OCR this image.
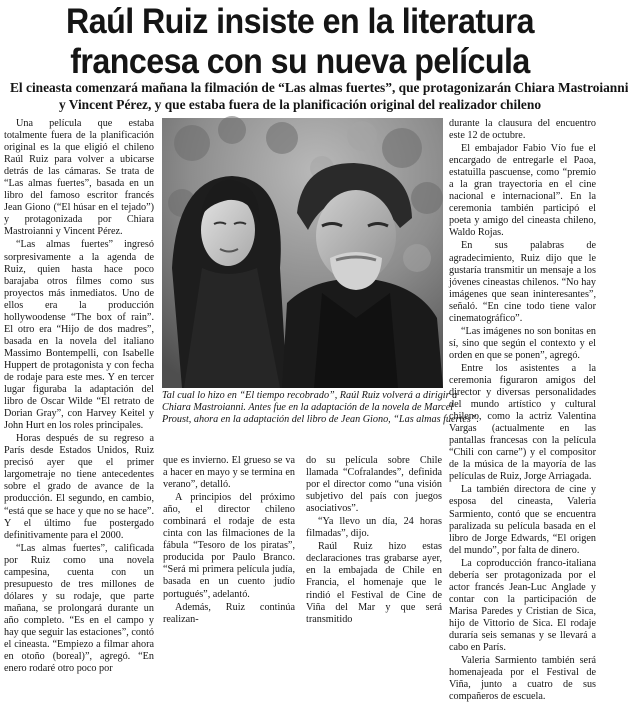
Raúl Ruiz insiste en la literatura
francesa con su nueva película
El cineasta comenzará mañana la filmación de “Las almas fuertes”, que protagonizarán Chiara Mastroianni
y Vincent Pérez, y que estaba fuera de la planificación original del realizador chileno

Una película que estaba totalmente fuera de la planificación original es la que eligió el chileno Raúl Ruiz para volver a ubicarse detrás de las cámaras. Se trata de “Las almas fuertes”, basada en un libro del famoso escritor francés Jean Giono (“El húsar en el tejado”) y protagonizada por Chiara Mastroianni y Vincent Pérez.

“Las almas fuertes” ingresó sorpresivamente a la agenda de Ruiz, quien hasta hace poco barajaba otros filmes como sus proyectos más inmediatos. Uno de ellos era la producción hollywoodense “The box of rain”. El otro era “Hijo de dos madres”, basada en la novela del italiano Massimo Bontempelli, con Isabelle Huppert de protagonista y con fecha de rodaje para este mes. Y en tercer lugar figuraba la adaptación del libro de Oscar Wilde “El retrato de Dorian Gray”, con Harvey Keitel y John Hurt en los roles principales.

Horas después de su regreso a París desde Estados Unidos, Ruiz precisó ayer que el primer largometraje no tiene antecedentes sobre el grado de avance de la producción. El segundo, en cambio, “está que se hace y que no se hace”. Y el último fue postergado definitivamente para el 2000.

“Las almas fuertes”, calificada por Ruiz como una novela campesina, cuenta con un presupuesto de tres millones de dólares y su rodaje, que parte mañana, se prolongará durante un año completo. “Es en el campo y hay que seguir las estaciones”, contó el cineasta. “Empiezo a filmar ahora en otoño (boreal)”, agregó. “En enero rodaré otro poco por

Tal cual lo hizo en “El tiempo recobrado”, Raúl Ruiz volverá a dirigir a
Chiara Mastroianni. Antes fue en la adaptación de la novela de Marcel
Proust, ahora en la adaptación del libro de Jean Giono, “Las almas fuertes”.

que es invierno. El grueso se va a hacer en mayo y se termina en verano”, detalló.

A principios del próximo año, el director chileno combinará el rodaje de esta cinta con las filmaciones de la fábula “Tesoro de los piratas”, producida por Paulo Branco. “Será mi primera película judía, basada en un cuento judío portugués”, adelantó.

Además, Ruiz continúa realizan-

do su película sobre Chile llamada “Cofralandes”, definida por el director como “una visión subjetivo del país con juegos asociativos”.

“Ya llevo un día, 24 horas filmadas”, dijo.

Raúl Ruiz hizo estas declaraciones tras grabarse ayer, en la embajada de Chile en Francia, el homenaje que le rindió el Festival de Cine de Viña del Mar y que será transmitido

durante la clausura del encuentro este 12 de octubre.

El embajador Fabio Vío fue el encargado de entregarle el Paoa, estatuilla pascuense, como “premio a la gran trayectoria en el cine nacional e internacional”. En la ceremonia también participó el poeta y amigo del cineasta chileno, Waldo Rojas.

En sus palabras de agradecimiento, Ruiz dijo que le gustaría transmitir un mensaje a los jóvenes cineastas chilenos. “No hay imágenes que sean ininteresantes”, señaló. “En cine todo tiene valor cinematográfico”.

“Las imágenes no son bonitas en sí, sino que según el contexto y el orden en que se ponen”, agregó.

Entre los asistentes a la ceremonia figuraron amigos del director y diversas personalidades del mundo artístico y cultural chileno, como la actriz Valentina Vargas (actualmente en las pantallas francesas con la película “Chili con carne”) y el compositor de la música de la mayoría de las películas de Ruiz, Jorge Arriagada.

La también directora de cine y esposa del cineasta, Valeria Sarmiento, contó que se encuentra paralizada su película basada en el libro de Jorge Edwards, “El origen del mundo”, por falta de dinero.

La coproducción franco-italiana debería ser protagonizada por el actor francés Jean-Luc Anglade y contar con la participación de Marisa Paredes y Cristian de Sica, hijo de Vittorio de Sica. El rodaje duraría seis semanas y se llevará a cabo en París.

Valeria Sarmiento también será homenajeada por el Festival de Viña, junto a cuatro de sus compañeros de escuela.
